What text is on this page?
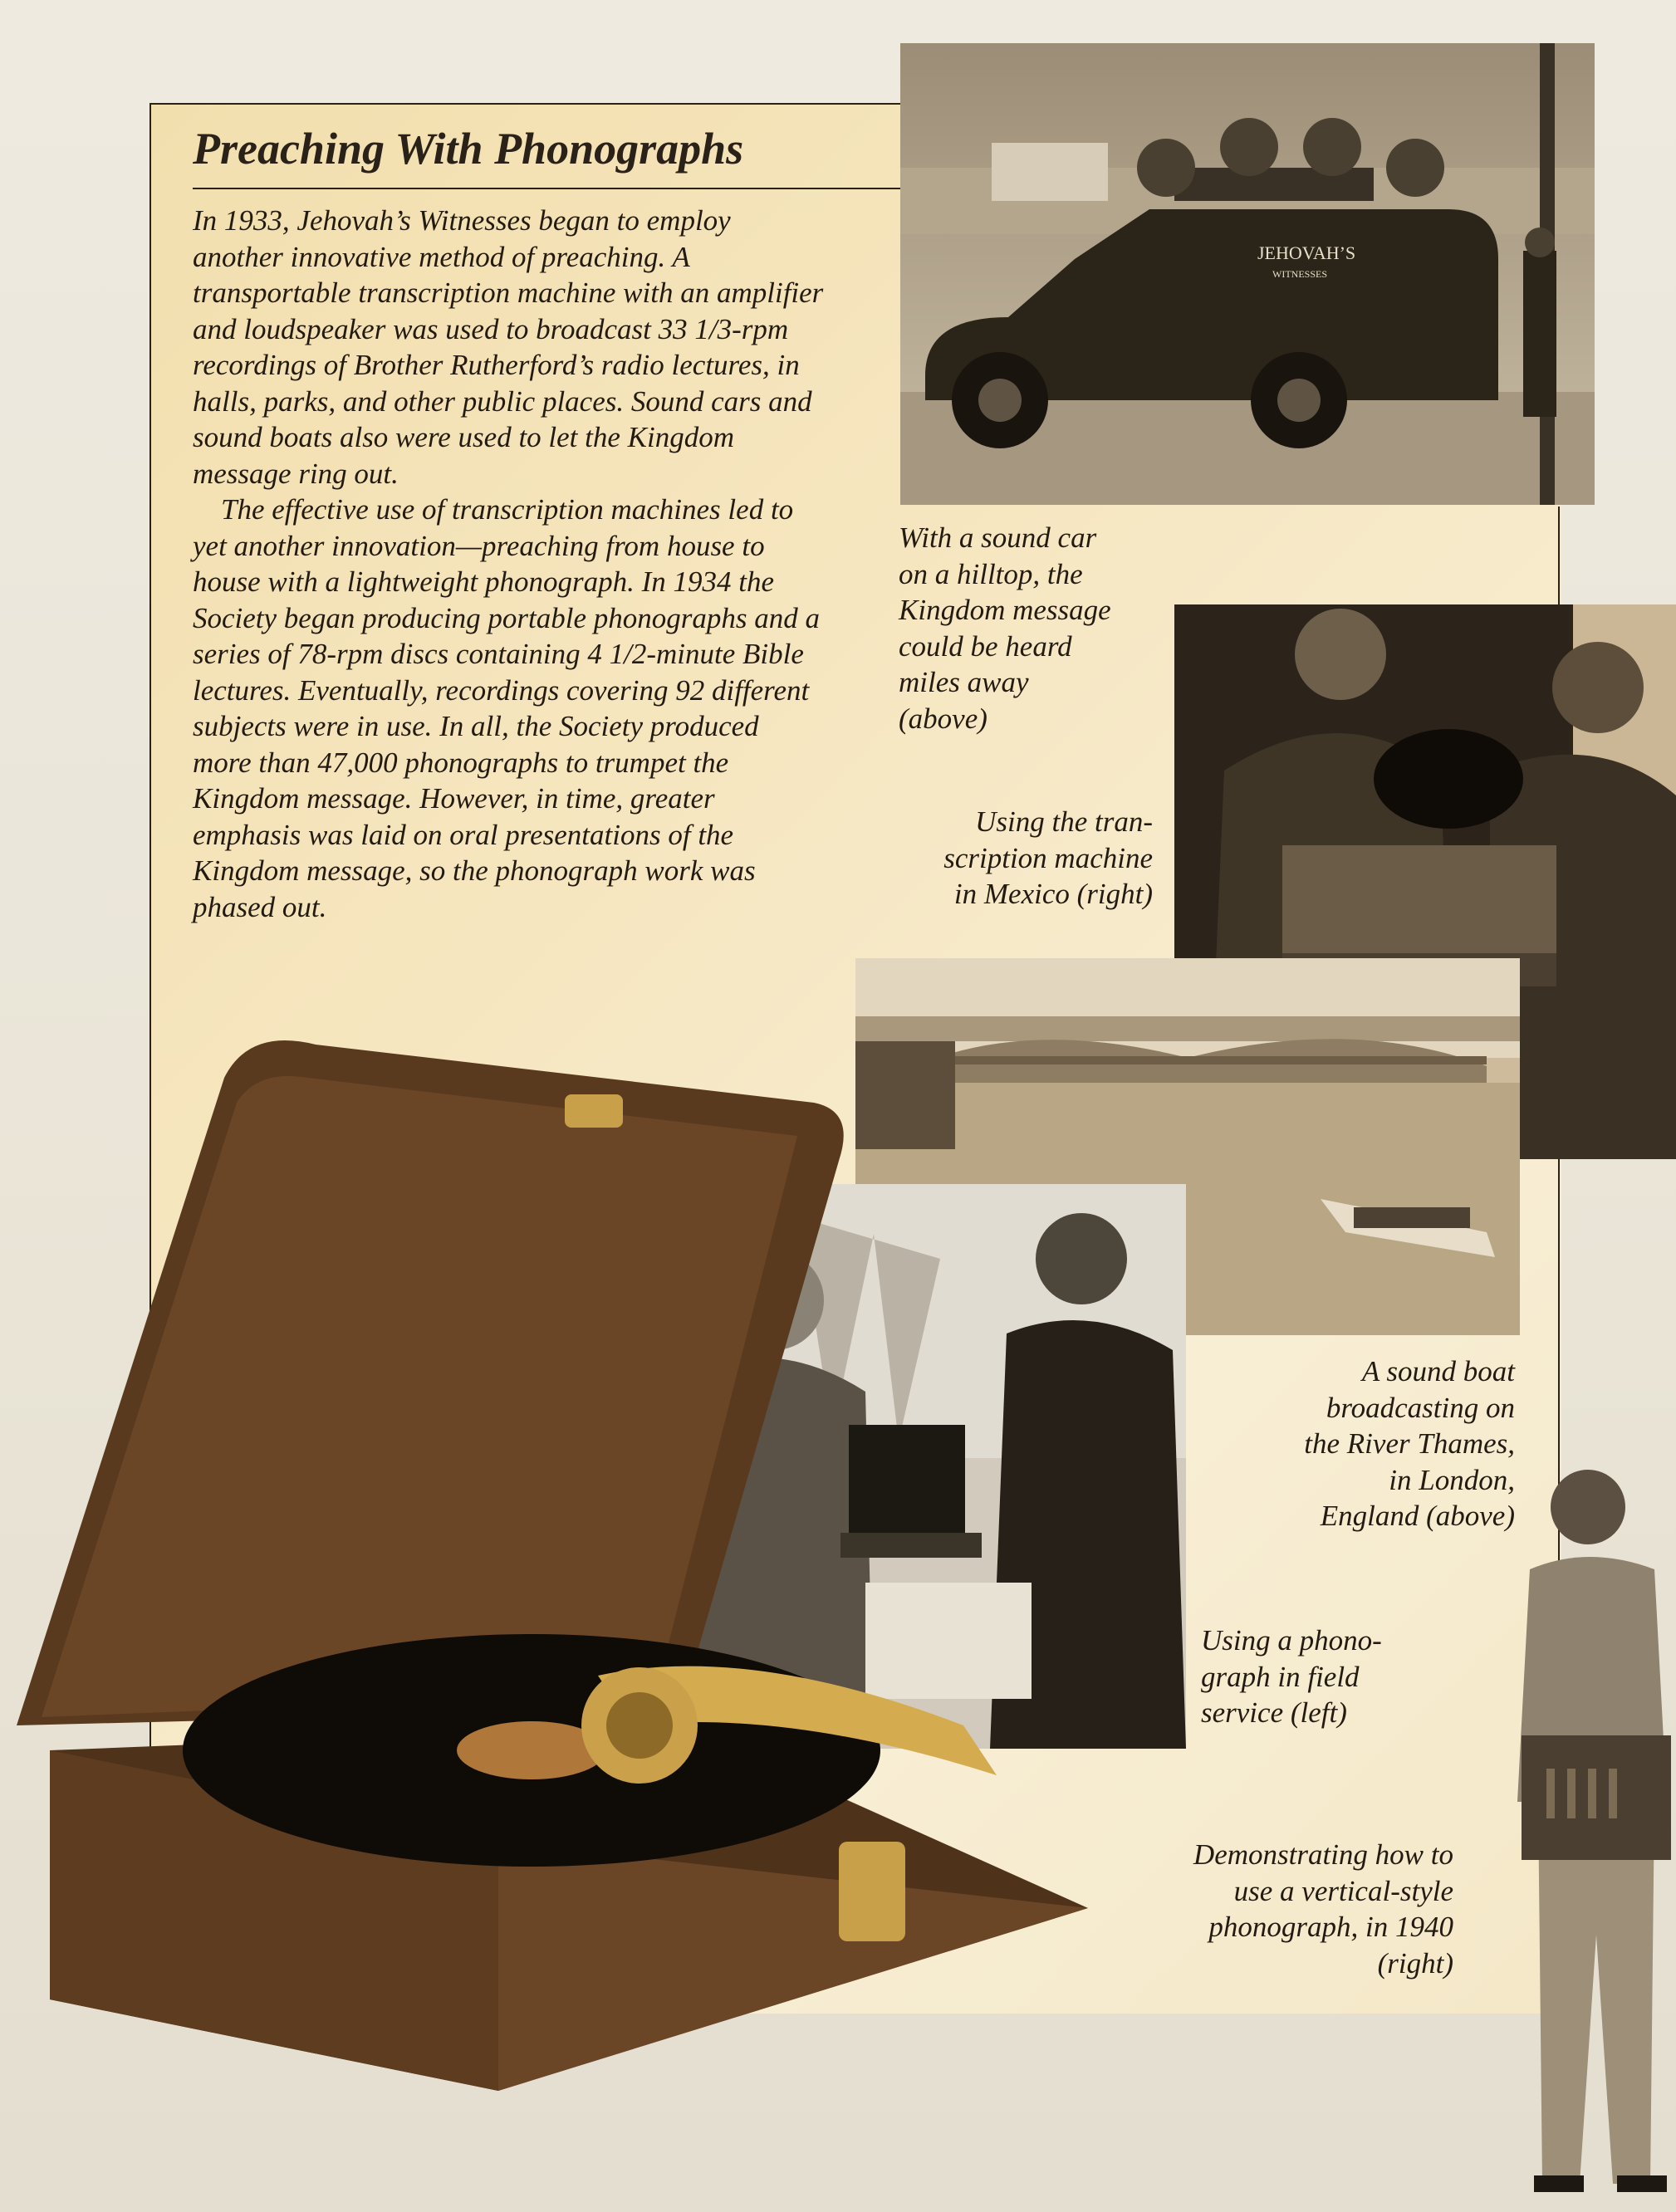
Preaching With Phonographs

In 1933, Jehovah’s Witnesses began to employ another innovative method of preaching. A transportable transcription machine with an amplifier and loudspeaker was used to broadcast 33 1/3-rpm recordings of Brother Rutherford’s radio lectures, in halls, parks, and other public places. Sound cars and sound boats also were used to let the Kingdom message ring out.

The effective use of transcription machines led to yet another innovation—preaching from house to house with a lightweight phonograph. In 1934 the Society began producing portable phonographs and a series of 78-rpm discs containing 4 1/2-minute Bible lectures. Eventually, recordings covering 92 different subjects were in use. In all, the Society produced more than 47,000 phonographs to trumpet the Kingdom message. However, in time, greater emphasis was laid on oral presentations of the Kingdom message, so the phonograph work was phased out.

JEHOVAH’S
WITNESSES
With a sound car
on a hilltop, the
Kingdom message
could be heard
miles away
(above)
Using the tran-
scription machine
in Mexico (right)
A sound boat
broadcasting on
the River Thames,
in London,
England (above)
Using a phono-
graph in field
service (left)
Demonstrating how to
use a vertical-style
phonograph, in 1940
(right)
